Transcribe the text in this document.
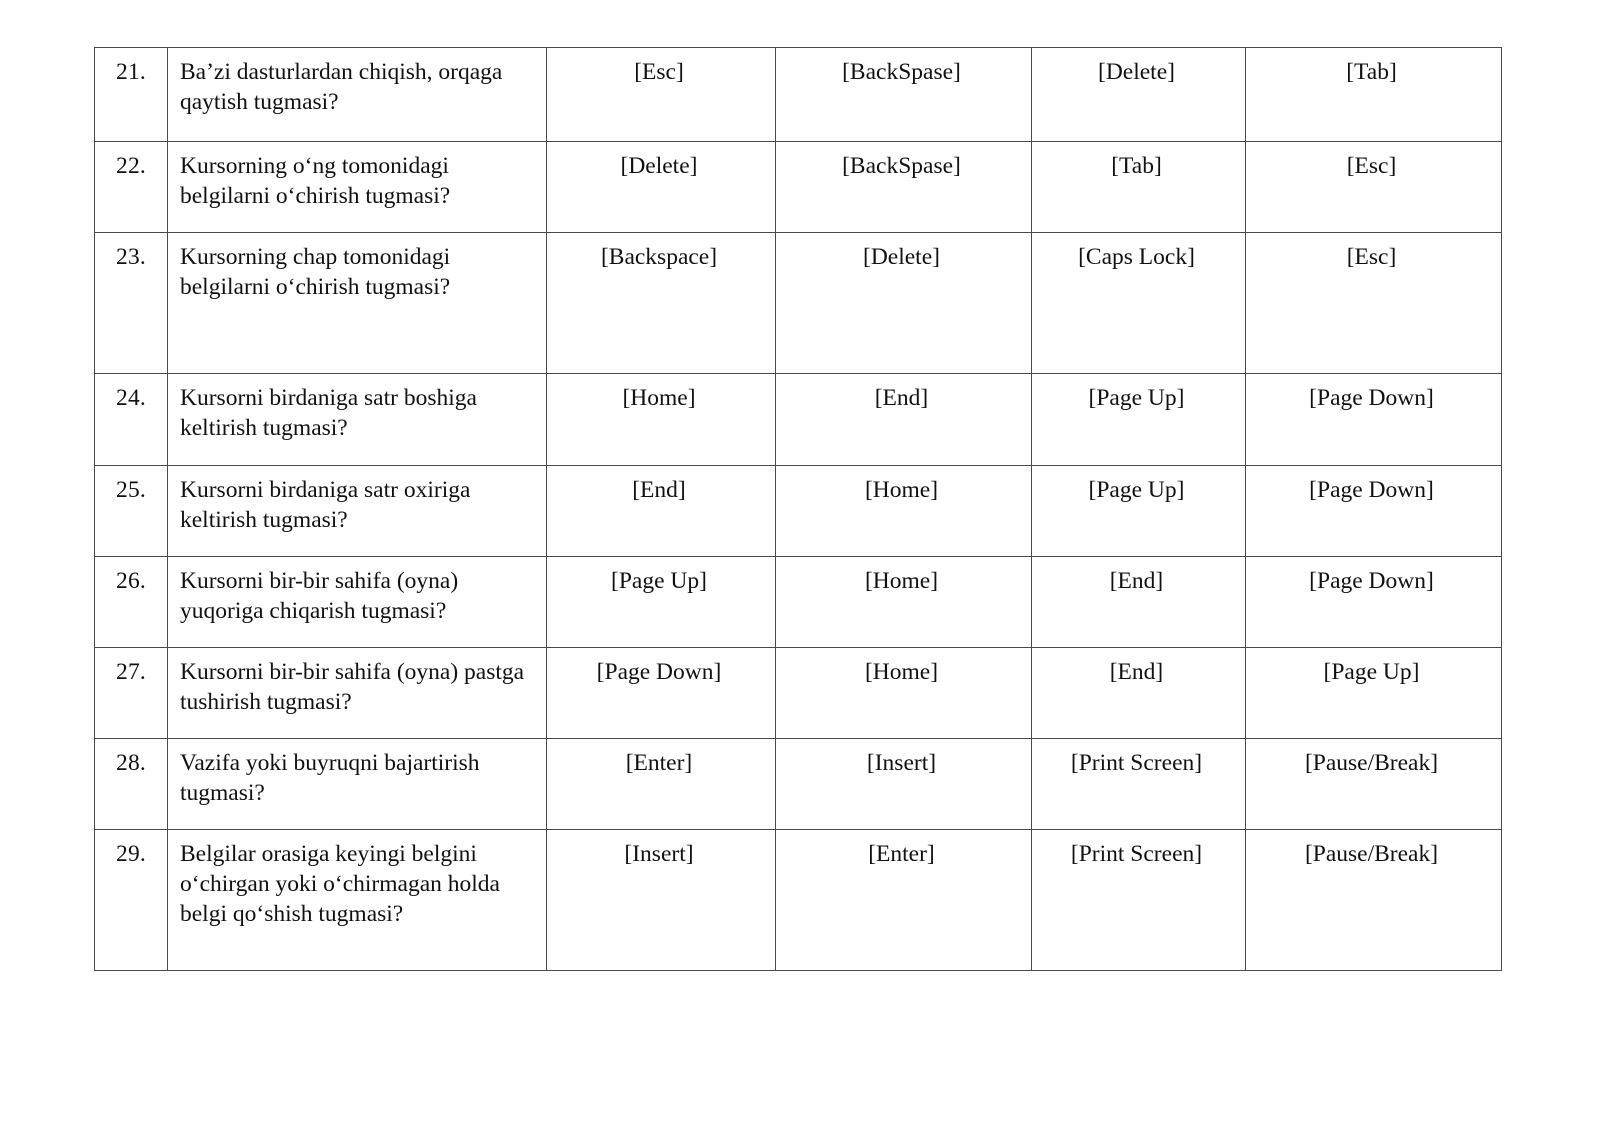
21.	Ba’zi dasturlardan chiqish, orqaga qaytish tugmasi?	[Esc]	[BackSpase]	[Delete]	[Tab]

22.	Kursorning oʻng tomonidagi belgilarni oʻchirish tugmasi?	[Delete]	[BackSpase]	[Tab]	[Esc]

23.	Kursorning chap tomonidagi belgilarni oʻchirish tugmasi?	[Backspace]	[Delete]	[Caps Lock]	[Esc]

24.	Kursorni birdaniga satr boshiga keltirish tugmasi?	[Home]	[End]	[Page Up]	[Page Down]

25.	Kursorni birdaniga satr oxiriga keltirish tugmasi?	[End]	[Home]	[Page Up]	[Page Down]

26.	Kursorni bir-bir sahifa (oyna) yuqoriga chiqarish tugmasi?	[Page Up]	[Home]	[End]	[Page Down]

27.	Kursorni bir-bir sahifa (oyna) pastga tushirish tugmasi?	[Page Down]	[Home]	[End]	[Page Up]

28.	Vazifa yoki buyruqni bajartirish tugmasi?	[Enter]	[Insert]	[Print Screen]	[Pause/Break]

29.	Belgilar orasiga keyingi belgini oʻchirgan yoki oʻchirmagan holda belgi qoʻshish tugmasi?	[Insert]	[Enter]	[Print Screen]	[Pause/Break]
